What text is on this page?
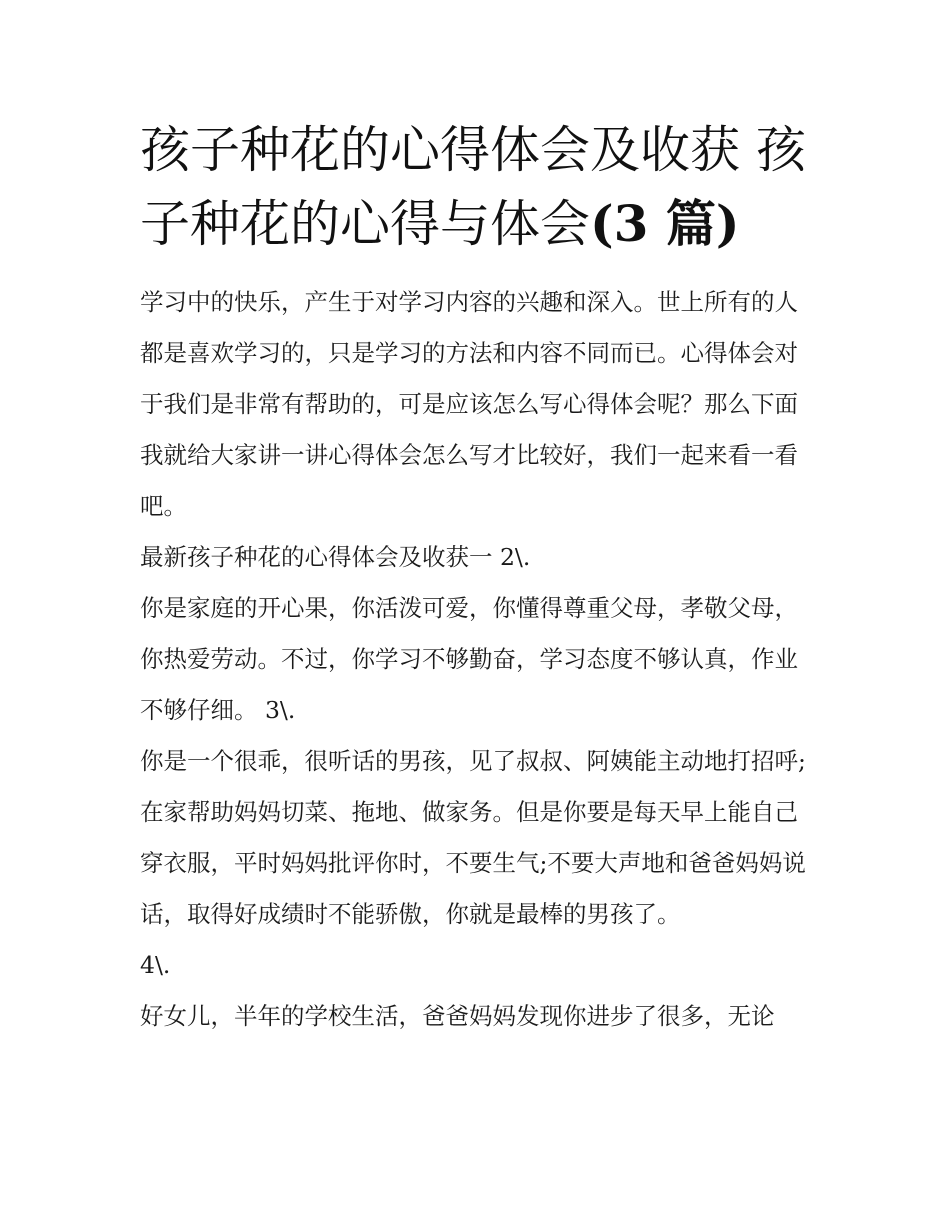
孩子种花的心得体会及收获 孩子种花的心得与体会(3 篇)

学习中的快乐，产生于对学习内容的兴趣和深入。世上所有的人都是喜欢学习的，只是学习的方法和内容不同而已。心得体会对于我们是非常有帮助的，可是应该怎么写心得体会呢？那么下面我就给大家讲一讲心得体会怎么写才比较好，我们一起来看一看吧。

最新孩子种花的心得体会及收获一 2\.

你是家庭的开心果，你活泼可爱，你懂得尊重父母，孝敬父母，你热爱劳动。不过，你学习不够勤奋，学习态度不够认真，作业不够仔细。 3\.

你是一个很乖，很听话的男孩，见了叔叔、阿姨能主动地打招呼;在家帮助妈妈切菜、拖地、做家务。但是你要是每天早上能自己穿衣服，平时妈妈批评你时，不要生气;不要大声地和爸爸妈妈说话，取得好成绩时不能骄傲，你就是最棒的男孩了。

4\.

好女儿，半年的学校生活，爸爸妈妈发现你进步了很多，无论
